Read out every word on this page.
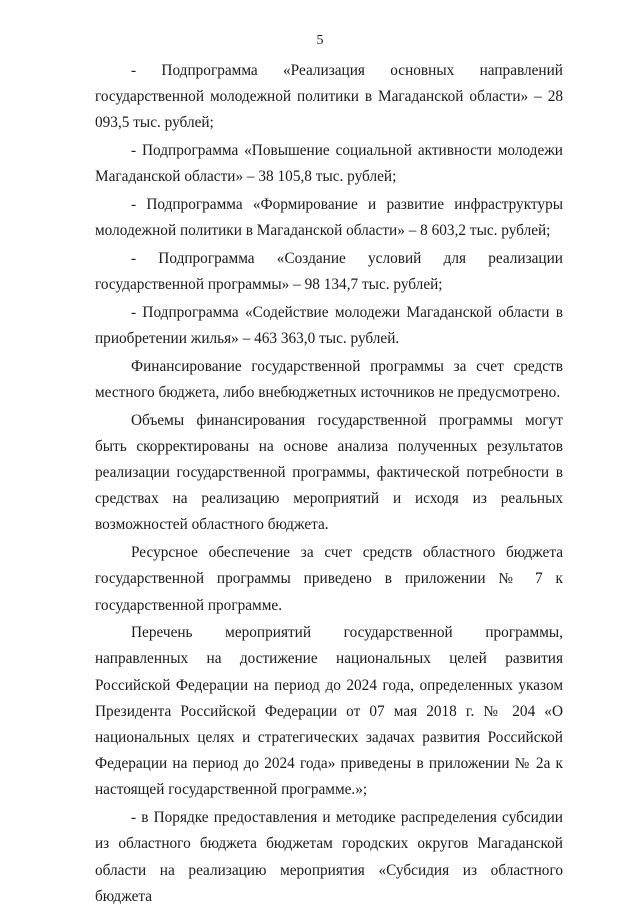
5

- Подпрограмма «Реализация основных направлений государственной молодежной политики в Магаданской области» – 28 093,5 тыс. рублей;

- Подпрограмма «Повышение социальной активности молодежи Магаданской области» – 38 105,8 тыс. рублей;

- Подпрограмма «Формирование и развитие инфраструктуры молодежной политики в Магаданской области» – 8 603,2 тыс. рублей;

- Подпрограмма «Создание условий для реализации государственной программы» – 98 134,7 тыс. рублей;

- Подпрограмма «Содействие молодежи Магаданской области в приобретении жилья» – 463 363,0 тыс. рублей.

Финансирование государственной программы за счет средств местного бюджета, либо внебюджетных источников не предусмотрено.

Объемы финансирования государственной программы могут быть скорректированы на основе анализа полученных результатов реализации государственной программы, фактической потребности в средствах на реализацию мероприятий и исходя из реальных возможностей областного бюджета.

Ресурсное обеспечение за счет средств областного бюджета государственной программы приведено в приложении № 7 к государственной программе.

Перечень мероприятий государственной программы, направленных на достижение национальных целей развития Российской Федерации на период до 2024 года, определенных указом Президента Российской Федерации от 07 мая 2018 г. № 204 «О национальных целях и стратегических задачах развития Российской Федерации на период до 2024 года» приведены в приложении № 2а к настоящей государственной программе.»;

- в Порядке предоставления и методике распределения субсидии из областного бюджета бюджетам городских округов Магаданской области на реализацию мероприятия «Субсидия из областного бюджета
